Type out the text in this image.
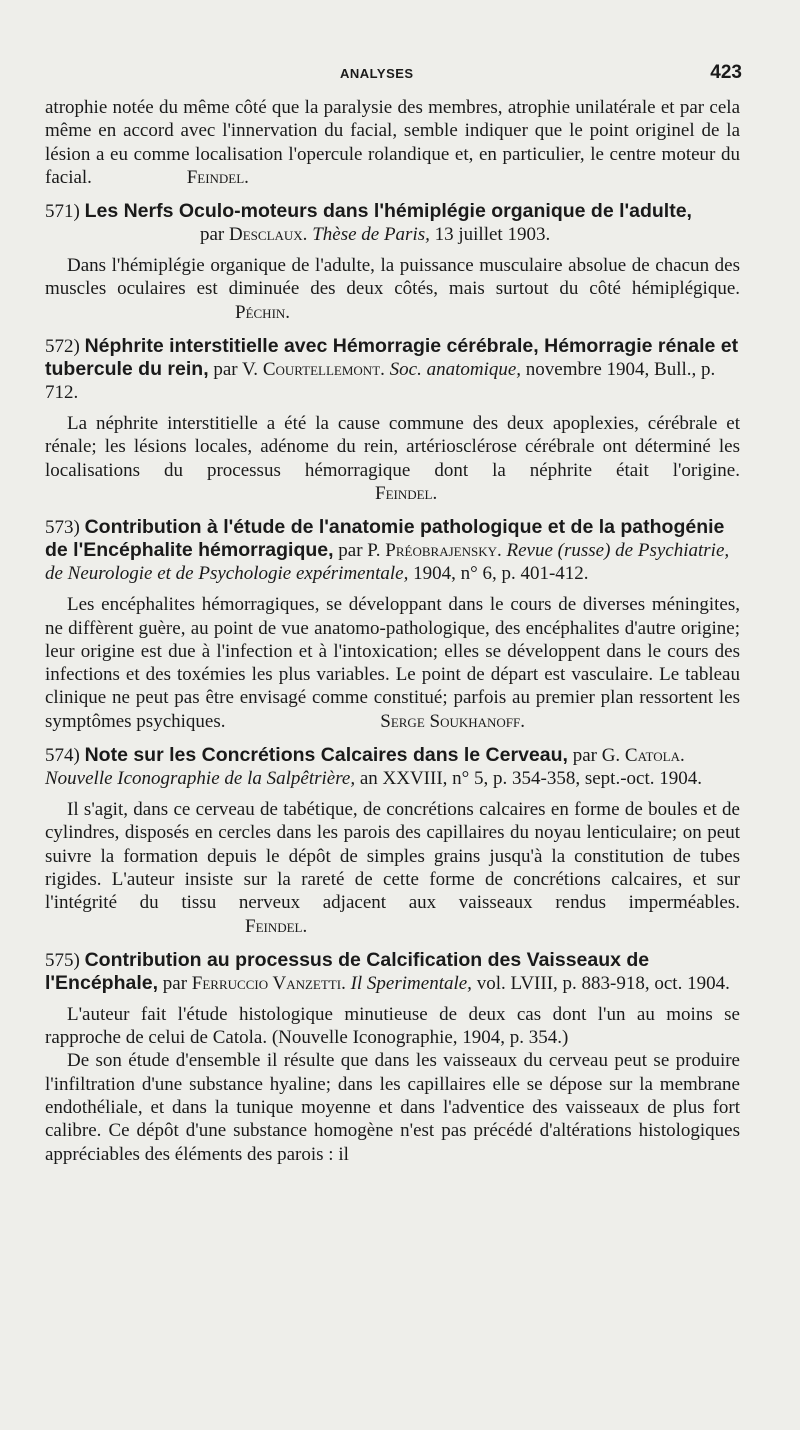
ANALYSES	423

atrophie notée du même côté que la paralysie des membres, atrophie unilatérale et par cela même en accord avec l'innervation du facial, semble indiquer que le point originel de la lésion a eu comme localisation l'opercule rolandique et, en particulier, le centre moteur du facial.	Feindel.

571) Les Nerfs Oculo-moteurs dans l'hémiplégie organique de l'adulte,
par Desclaux. Thèse de Paris, 13 juillet 1903.

Dans l'hémiplégie organique de l'adulte, la puissance musculaire absolue de chacun des muscles oculaires est diminuée des deux côtés, mais surtout du côté hémiplégique. Péchin.

572) Néphrite interstitielle avec Hémorragie cérébrale, Hémorragie rénale et tubercule du rein, par V. Courtellemont. Soc. anatomique, novembre 1904, Bull., p. 712.

La néphrite interstitielle a été la cause commune des deux apoplexies, cérébrale et rénale; les lésions locales, adénome du rein, artériosclérose cérébrale ont déterminé les localisations du processus hémorragique dont la néphrite était l'origine. Feindel.

573) Contribution à l'étude de l'anatomie pathologique et de la pathogénie de l'Encéphalite hémorragique, par P. Préobrajensky. Revue (russe) de Psychiatrie, de Neurologie et de Psychologie expérimentale, 1904, n° 6, p. 401-412.

Les encéphalites hémorragiques, se développant dans le cours de diverses méningites, ne diffèrent guère, au point de vue anatomo-pathologique, des encéphalites d'autre origine; leur origine est due à l'infection et à l'intoxication; elles se développent dans le cours des infections et des toxémies les plus variables. Le point de départ est vasculaire. Le tableau clinique ne peut pas être envisagé comme constitué; parfois au premier plan ressortent les symptômes psychiques.	Serge Soukhanoff.

574) Note sur les Concrétions Calcaires dans le Cerveau, par G. Catola. Nouvelle Iconographie de la Salpêtrière, an XXVIII, n° 5, p. 354-358, sept.-oct. 1904.

Il s'agit, dans ce cerveau de tabétique, de concrétions calcaires en forme de boules et de cylindres, disposés en cercles dans les parois des capillaires du noyau lenticulaire; on peut suivre la formation depuis le dépôt de simples grains jusqu'à la constitution de tubes rigides. L'auteur insiste sur la rareté de cette forme de concrétions calcaires, et sur l'intégrité du tissu nerveux adjacent aux vaisseaux rendus imperméables. Feindel.

575) Contribution au processus de Calcification des Vaisseaux de l'Encéphale, par Ferruccio Vanzetti. Il Sperimentale, vol. LVIII, p. 883-918, oct. 1904.

L'auteur fait l'étude histologique minutieuse de deux cas dont l'un au moins se rapproche de celui de Catola. (Nouvelle Iconographie, 1904, p. 354.)

De son étude d'ensemble il résulte que dans les vaisseaux du cerveau peut se produire l'infiltration d'une substance hyaline; dans les capillaires elle se dépose sur la membrane endothéliale, et dans la tunique moyenne et dans l'adventice des vaisseaux de plus fort calibre. Ce dépôt d'une substance homogène n'est pas précédé d'altérations histologiques appréciables des éléments des parois : il
